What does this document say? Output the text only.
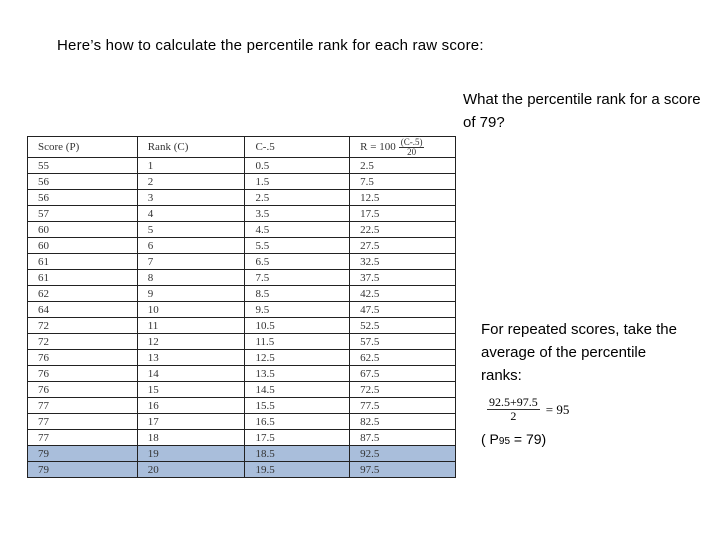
Here’s how to calculate the percentile rank for each raw score:
Score (P)	Rank (C)	C-.5	$R = 100 \frac{(C-.5)}{20}$

55	1	0.5	2.5
56	2	1.5	7.5
56	3	2.5	12.5
57	4	3.5	17.5
60	5	4.5	22.5
60	6	5.5	27.5
61	7	6.5	32.5
61	8	7.5	37.5
62	9	8.5	42.5
64	10	9.5	47.5
72	11	10.5	52.5
72	12	11.5	57.5
76	13	12.5	62.5
76	14	13.5	67.5
76	15	14.5	72.5
77	16	15.5	77.5
77	17	16.5	82.5
77	18	17.5	87.5
79	19	18.5	92.5
79	20	19.5	97.5
What the percentile rank for a score of 79?
For repeated scores, take the average of the percentile ranks:
$\frac{92.5+97.5}{2} = 95$
( P95 = 79)
